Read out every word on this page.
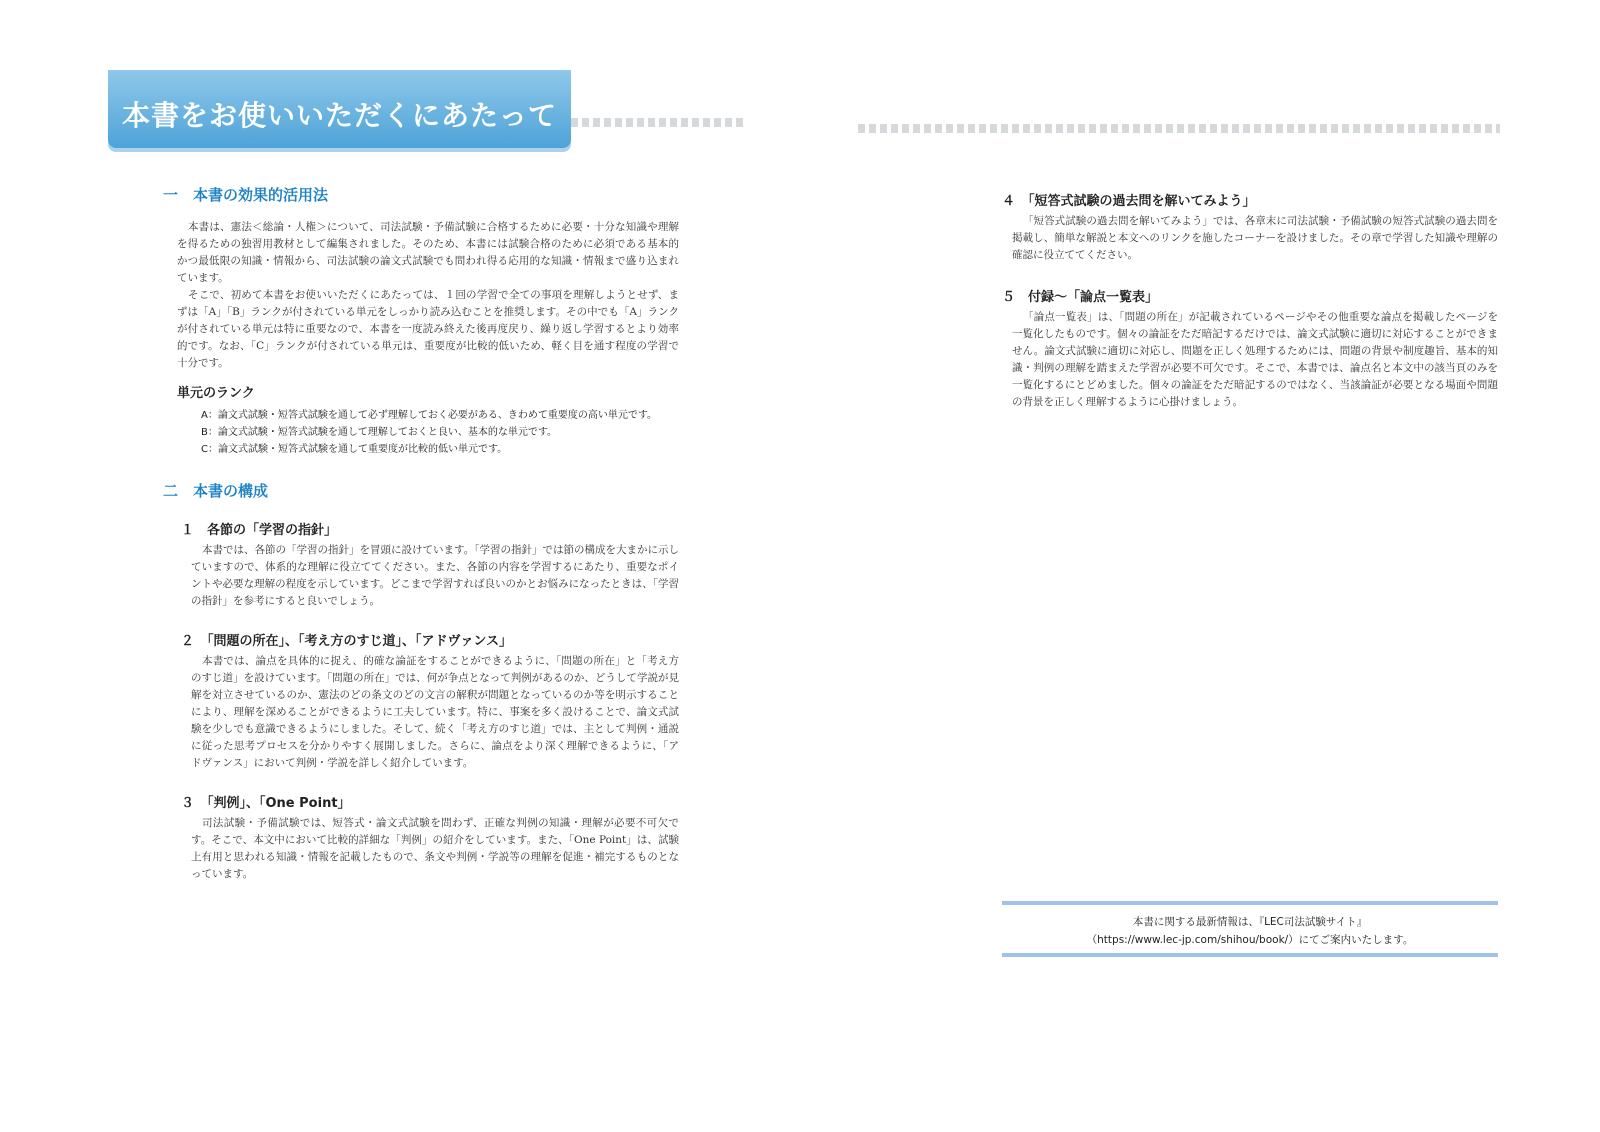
本書をお使いいただくにあたって
一　本書の効果的活用法

本書は、憲法＜総論・人権＞について、司法試験・予備試験に合格するために必要・十分な知識や理解を得るための独習用教材として編集されました。そのため、本書には試験合格のために必須である基本的かつ最低限の知識・情報から、司法試験の論文式試験でも問われ得る応用的な知識・情報まで盛り込まれています。

そこで、初めて本書をお使いいただくにあたっては、１回の学習で全ての事項を理解しようとせず、まずは「A」「B」ランクが付されている単元をしっかり読み込むことを推奨します。その中でも「A」ランクが付されている単元は特に重要なので、本書を一度読み終えた後再度戻り、繰り返し学習するとより効率的です。なお、「C」ランクが付されている単元は、重要度が比較的低いため、軽く目を通す程度の学習で十分です。

単元のランク
A：論文式試験・短答式試験を通して必ず理解しておく必要がある、きわめて重要度の高い単元です。
B：論文式試験・短答式試験を通して理解しておくと良い、基本的な単元です。
C：論文式試験・短答式試験を通して重要度が比較的低い単元です。
二　本書の構成
１　各節の「学習の指針」

本書では、各節の「学習の指針」を冒頭に設けています。「学習の指針」では節の構成を大まかに示していますので、体系的な理解に役立ててください。また、各節の内容を学習するにあたり、重要なポイントや必要な理解の程度を示しています。どこまで学習すれば良いのかとお悩みになったときは、「学習の指針」を参考にすると良いでしょう。

２　「問題の所在」、「考え方のすじ道」、「アドヴァンス」

本書では、論点を具体的に捉え、的確な論証をすることができるように、「問題の所在」と「考え方のすじ道」を設けています。「問題の所在」では、何が争点となって判例があるのか、どうして学説が見解を対立させているのか、憲法のどの条文のどの文言の解釈が問題となっているのか等を明示することにより、理解を深めることができるように工夫しています。特に、事案を多く設けることで、論文式試験を少しでも意識できるようにしました。そして、続く「考え方のすじ道」では、主として判例・通説に従った思考プロセスを分かりやすく展開しました。さらに、論点をより深く理解できるように、「アドヴァンス」において判例・学説を詳しく紹介しています。

３　「判例」、「One Point」

司法試験・予備試験では、短答式・論文式試験を問わず、正確な判例の知識・理解が必要不可欠です。そこで、本文中において比較的詳細な「判例」の紹介をしています。また、「One Point」は、試験上有用と思われる知識・情報を記載したもので、条文や判例・学説等の理解を促進・補完するものとなっています。

４　「短答式試験の過去問を解いてみよう」

「短答式試験の過去問を解いてみよう」では、各章末に司法試験・予備試験の短答式試験の過去問を掲載し、簡単な解説と本文へのリンクを施したコーナーを設けました。その章で学習した知識や理解の確認に役立ててください。

５　付録～「論点一覧表」

「論点一覧表」は、「問題の所在」が記載されているページやその他重要な論点を掲載したページを一覧化したものです。個々の論証をただ暗記するだけでは、論文式試験に適切に対応することができません。論文式試験に適切に対応し、問題を正しく処理するためには、問題の背景や制度趣旨、基本的知識・判例の理解を踏まえた学習が必要不可欠です。そこで、本書では、論点名と本文中の該当頁のみを一覧化するにとどめました。個々の論証をただ暗記するのではなく、当該論証が必要となる場面や問題の背景を正しく理解するように心掛けましょう。

本書に関する最新情報は、『LEC司法試験サイト』

（https://www.lec-jp.com/shihou/book/）にてご案内いたします。
